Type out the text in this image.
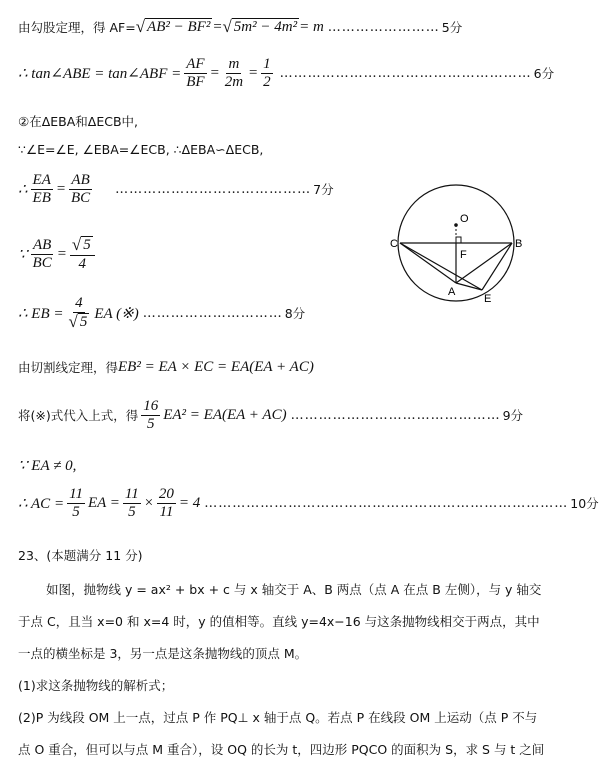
由勾股定理，得 AF= √ AB² − BF² = √ 5m² − 4m² = m …………………… 5分
∴ tan∠ABE = tan∠ABF = $\frac{AF}{BF} = \frac{m}{2m} = \frac{1}{2}$ ……………………………………………… 6分
②在ΔEBA和ΔECB中,
∵∠E=∠E, ∠EBA=∠ECB, ∴ΔEBA∽ΔECB,
∴ $\frac{EA}{EB} = \frac{AB}{BC}$ …………………………………… 7分
∵ $\frac{AB}{BC} = \frac{√ 5}{4}$
∴ EB = $\frac{4}{√ 5}$ EA (※) ………………………… 8分
由切割线定理，得 EB² = EA × EC = EA(EA + AC)
将(※)式代入上式，得 $\frac{16}{5} EA^2 = EA(EA + AC)$ ……………………………………… 9分
∵ EA ≠ 0,
∴ AC = $\frac{11}{5}$ EA = $\frac{11}{5} \times \frac{20}{11} = 4$ …………………………………………………………………… 10分
23、(本题满分 11 分)
如图，抛物线 y = ax² + bx + c 与 x 轴交于 A、B 两点（点 A 在点 B 左侧），与 y 轴交
于点 C，且当 x=0 和 x=4 时，y 的值相等。直线 y=4x−16 与这条抛物线相交于两点，其中
一点的横坐标是 3，另一点是这条抛物线的顶点 M。
(1)求这条抛物线的解析式；
(2)P 为线段 OM 上一点，过点 P 作 PQ⊥ x 轴于点 Q。若点 P 在线段 OM 上运动（点 P 不与
点 O 重合，但可以与点 M 重合），设 OQ 的长为 t，四边形 PQCO 的面积为 S，求 S 与 t 之间
O
F
C	B
A
E
